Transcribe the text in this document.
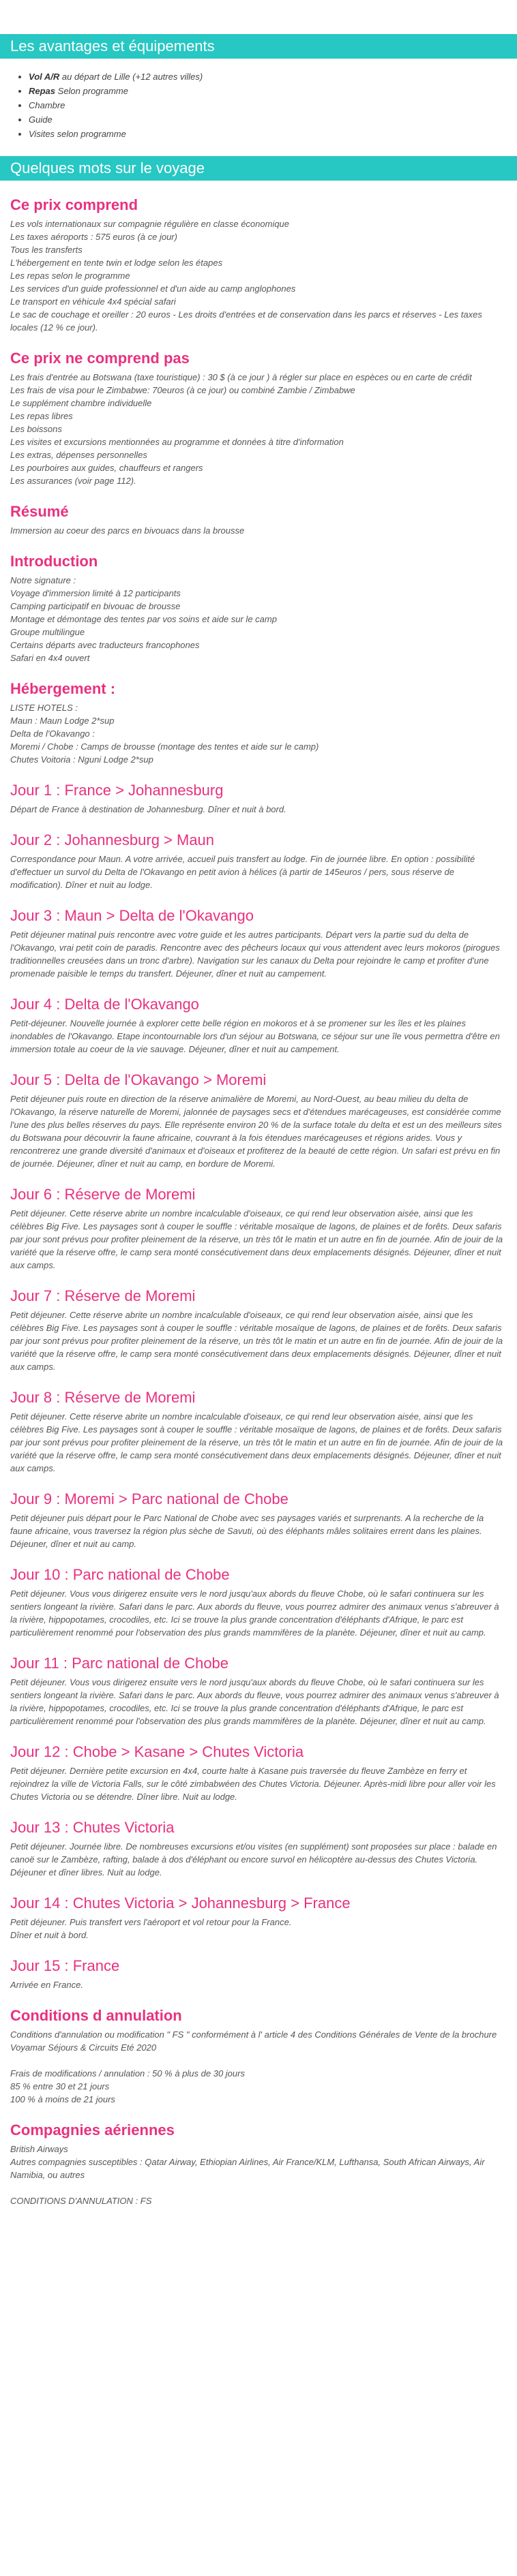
Les avantages et équipements
• Vol A/R au départ de Lille (+12 autres villes)
• Repas Selon programme
• Chambre
• Guide
• Visites selon programme
Quelques mots sur le voyage
Ce prix comprend

Les vols internationaux sur compagnie régulière en classe économique

Les taxes aéroports : 575 euros (à ce jour)

Tous les transferts

L'hébergement en tente twin et lodge selon les étapes

Les repas selon le programme

Les services d'un guide professionnel et d'un aide au camp anglophones

Le transport en véhicule 4x4 spécial safari

Le sac de couchage et oreiller : 20 euros - Les droits d'entrées et de conservation dans les parcs et réserves - Les taxes locales (12 % ce jour).

Ce prix ne comprend pas

Les frais d'entrée au Botswana (taxe touristique) : 30 $ (à ce jour ) à régler sur place en espèces ou en carte de crédit

Les frais de visa pour le Zimbabwe: 70euros (à ce jour) ou combiné Zambie / Zimbabwe

Le supplément chambre individuelle

Les repas libres

Les boissons

Les visites et excursions mentionnées au programme et données à titre d'information

Les extras, dépenses personnelles

Les pourboires aux guides, chauffeurs et rangers

Les assurances (voir page 112).

Résumé

Immersion au coeur des parcs en bivouacs dans la brousse

Introduction

Notre signature :

Voyage d'immersion limité à 12 participants

Camping participatif en bivouac de brousse

Montage et démontage des tentes par vos soins et aide sur le camp

Groupe multilingue

Certains départs avec traducteurs francophones

Safari en 4x4 ouvert

Hébergement :

LISTE HOTELS :

Maun : Maun Lodge 2*sup

Delta de l'Okavango :

Moremi / Chobe : Camps de brousse (montage des tentes et aide sur le camp)

Chutes Voitoria : Nguni Lodge 2*sup

Jour 1 : France > Johannesburg

Départ de France à destination de Johannesburg. Dîner et nuit à bord.

Jour 2 : Johannesburg > Maun

Correspondance pour Maun. A votre arrivée, accueil puis transfert au lodge. Fin de journée libre. En option : possibilité d'effectuer un survol du Delta de l'Okavango en petit avion à hélices (à partir de 145euros / pers, sous réserve de modification). Dîner et nuit au lodge.

Jour 3 : Maun > Delta de l'Okavango

Petit déjeuner matinal puis rencontre avec votre guide et les autres participants. Départ vers la partie sud du delta de l'Okavango, vrai petit coin de paradis. Rencontre avec des pêcheurs locaux qui vous attendent avec leurs mokoros (pirogues traditionnelles creusées dans un tronc d'arbre). Navigation sur les canaux du Delta pour rejoindre le camp et profiter d'une promenade paisible le temps du transfert. Déjeuner, dîner et nuit au campement.

Jour 4 : Delta de l'Okavango

Petit-déjeuner. Nouvelle journée à explorer cette belle région en mokoros et à se promener sur les îles et les plaines inondables de l'Okavango. Etape incontournable lors d'un séjour au Botswana, ce séjour sur une île vous permettra d'être en immersion totale au coeur de la vie sauvage. Déjeuner, dîner et nuit au campement.

Jour 5 : Delta de l'Okavango > Moremi

Petit déjeuner puis route en direction de la réserve animalière de Moremi, au Nord-Ouest, au beau milieu du delta de l'Okavango, la réserve naturelle de Moremi, jalonnée de paysages secs et d'étendues marécageuses, est considérée comme l'une des plus belles réserves du pays. Elle représente environ 20 % de la surface totale du delta et est un des meilleurs sites du Botswana pour découvrir la faune africaine, couvrant à la fois étendues marécageuses et régions arides. Vous y rencontrerez une grande diversité d'animaux et d'oiseaux et profiterez de la beauté de cette région. Un safari est prévu en fin de journée. Déjeuner, dîner et nuit au camp, en bordure de Moremi.

Jour 6 : Réserve de Moremi

Petit déjeuner. Cette réserve abrite un nombre incalculable d'oiseaux, ce qui rend leur observation aisée, ainsi que les célèbres Big Five. Les paysages sont à couper le souffle : véritable mosaïque de lagons, de plaines et de forêts. Deux safaris par jour sont prévus pour profiter pleinement de la réserve, un très tôt le matin et un autre en fin de journée. Afin de jouir de la variété que la réserve offre, le camp sera monté consécutivement dans deux emplacements désignés. Déjeuner, dîner et nuit aux camps.

Jour 7 : Réserve de Moremi

Petit déjeuner. Cette réserve abrite un nombre incalculable d'oiseaux, ce qui rend leur observation aisée, ainsi que les célèbres Big Five. Les paysages sont à couper le souffle : véritable mosaïque de lagons, de plaines et de forêts. Deux safaris par jour sont prévus pour profiter pleinement de la réserve, un très tôt le matin et un autre en fin de journée. Afin de jouir de la variété que la réserve offre, le camp sera monté consécutivement dans deux emplacements désignés. Déjeuner, dîner et nuit aux camps.

Jour 8 : Réserve de Moremi

Petit déjeuner. Cette réserve abrite un nombre incalculable d'oiseaux, ce qui rend leur observation aisée, ainsi que les célèbres Big Five. Les paysages sont à couper le souffle : véritable mosaïque de lagons, de plaines et de forêts. Deux safaris par jour sont prévus pour profiter pleinement de la réserve, un très tôt le matin et un autre en fin de journée. Afin de jouir de la variété que la réserve offre, le camp sera monté consécutivement dans deux emplacements désignés. Déjeuner, dîner et nuit aux camps.

Jour 9 : Moremi > Parc national de Chobe

Petit déjeuner puis départ pour le Parc National de Chobe avec ses paysages variés et surprenants. A la recherche de la faune africaine, vous traversez la région plus sèche de Savuti, où des éléphants mâles solitaires errent dans les plaines. Déjeuner, dîner et nuit au camp.

Jour 10 : Parc national de Chobe

Petit déjeuner. Vous vous dirigerez ensuite vers le nord jusqu'aux abords du fleuve Chobe, où le safari continuera sur les sentiers longeant la rivière. Safari dans le parc. Aux abords du fleuve, vous pourrez admirer des animaux venus s'abreuver à la rivière, hippopotames, crocodiles, etc. Ici se trouve la plus grande concentration d'éléphants d'Afrique, le parc est particulièrement renommé pour l'observation des plus grands mammifères de la planète. Déjeuner, dîner et nuit au camp.

Jour 11 : Parc national de Chobe

Petit déjeuner. Vous vous dirigerez ensuite vers le nord jusqu'aux abords du fleuve Chobe, où le safari continuera sur les sentiers longeant la rivière. Safari dans le parc. Aux abords du fleuve, vous pourrez admirer des animaux venus s'abreuver à la rivière, hippopotames, crocodiles, etc. Ici se trouve la plus grande concentration d'éléphants d'Afrique, le parc est particulièrement renommé pour l'observation des plus grands mammifères de la planète. Déjeuner, dîner et nuit au camp.

Jour 12 : Chobe > Kasane > Chutes Victoria

Petit déjeuner. Dernière petite excursion en 4x4, courte halte à Kasane puis traversée du fleuve Zambèze en ferry et rejoindrez la ville de Victoria Falls, sur le côté zimbabwéen des Chutes Victoria. Déjeuner. Après-midi libre pour aller voir les Chutes Victoria ou se détendre. Dîner libre. Nuit au lodge.

Jour 13 : Chutes Victoria

Petit déjeuner. Journée libre. De nombreuses excursions et/ou visites (en supplément) sont proposées sur place : balade en canoë sur le Zambèze, rafting, balade à dos d'éléphant ou encore survol en hélicoptère au-dessus des Chutes Victoria. Déjeuner et dîner libres. Nuit au lodge.

Jour 14 : Chutes Victoria > Johannesburg > France

Petit déjeuner. Puis transfert vers l'aéroport et vol retour pour la France.

Dîner et nuit à bord.

Jour 15 : France

Arrivée en France.

Conditions d annulation

Conditions d'annulation ou modification " FS " conformément à l' article 4 des Conditions Générales de Vente de la brochure Voyamar Séjours & Circuits Eté 2020

Frais de modifications / annulation : 50 % à plus de 30 jours

85 % entre 30 et 21 jours

100 % à moins de 21 jours

Compagnies aériennes

British Airways

Autres compagnies susceptibles : Qatar Airway, Ethiopian Airlines, Air France/KLM, Lufthansa, South African Airways, Air Namibia, ou autres

CONDITIONS D'ANNULATION : FS
